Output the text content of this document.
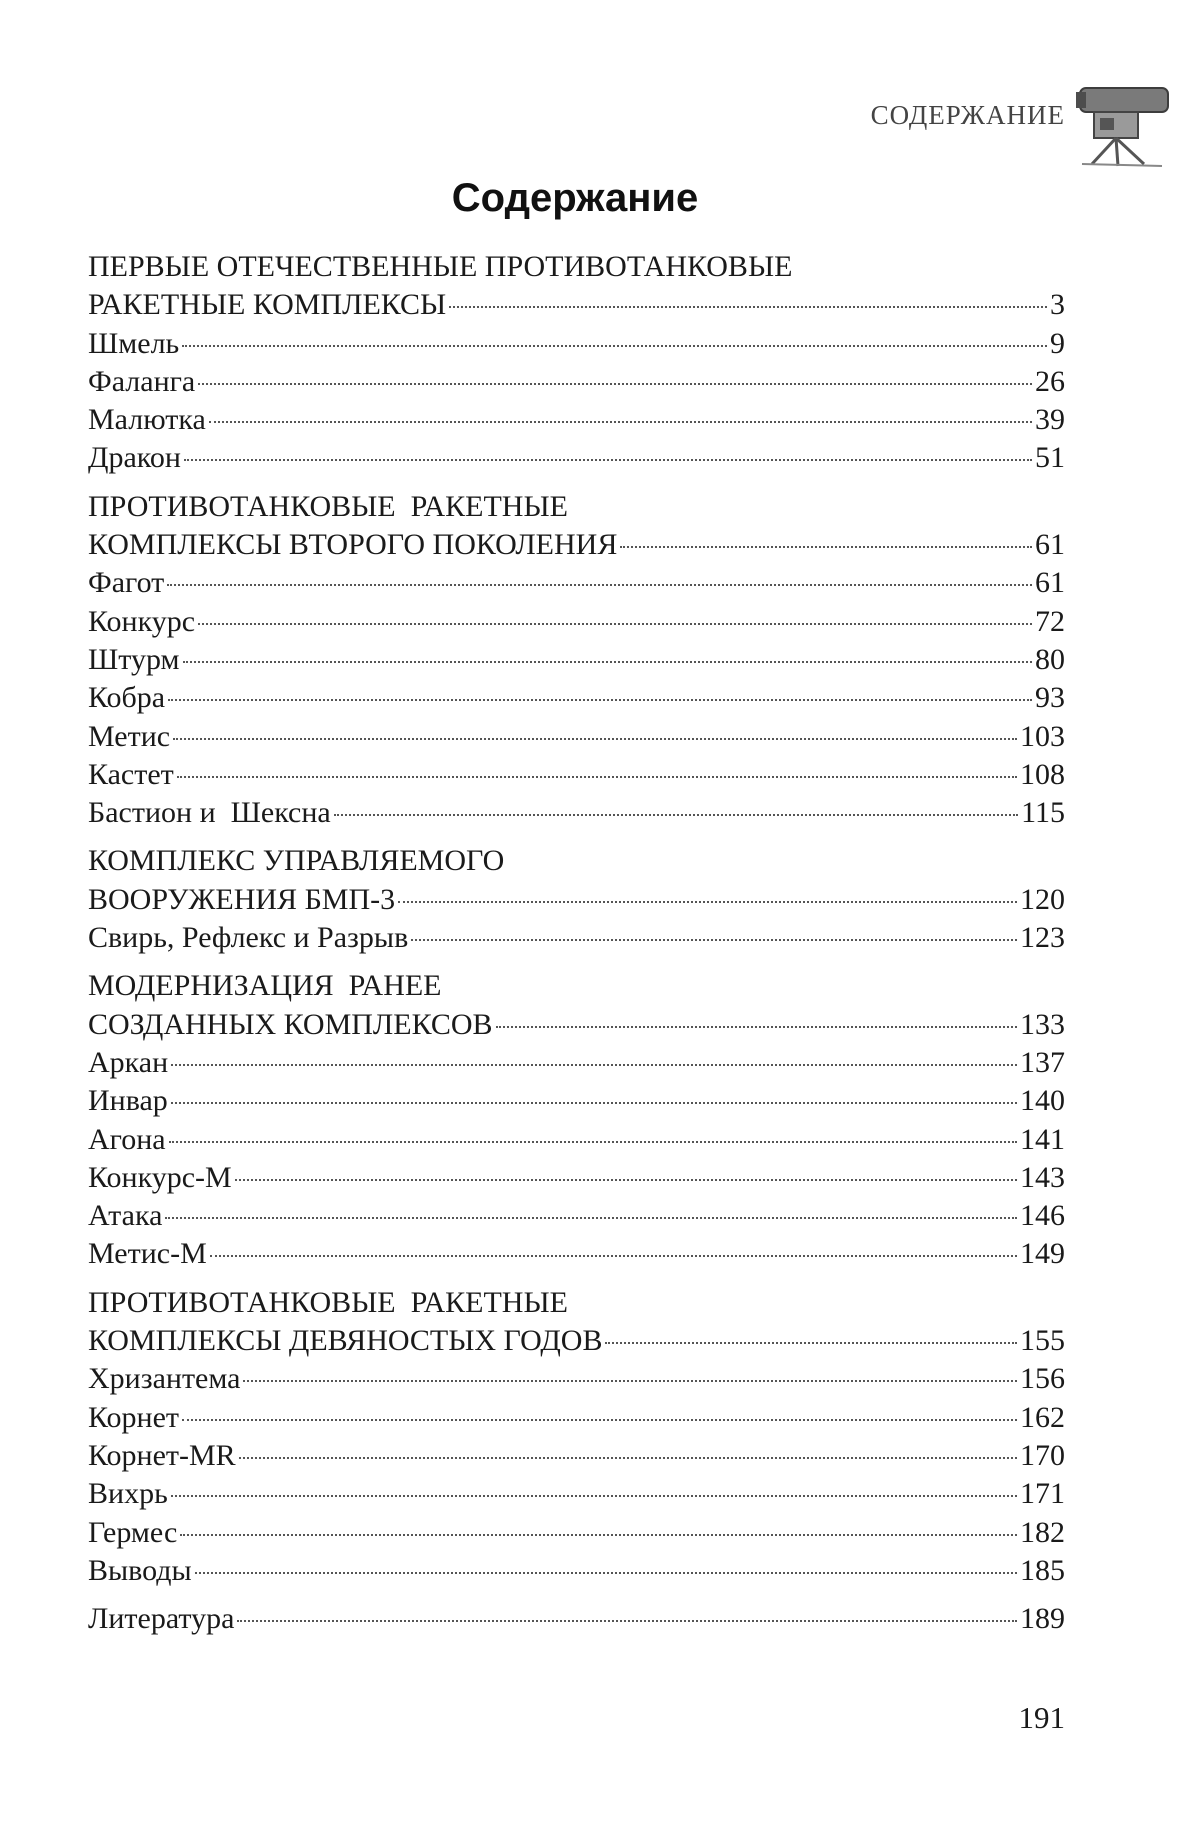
СОДЕРЖАНИЕ
Содержание
ПЕРВЫЕ ОТЕЧЕСТВЕННЫЕ ПРОТИВОТАНКОВЫЕ
РАКЕТНЫЕ КОМПЛЕКСЫ	3
Шмель	9
Фаланга	26
Малютка	39
Дракон	51
ПРОТИВОТАНКОВЫЕ  РАКЕТНЫЕ
КОМПЛЕКСЫ ВТОРОГО ПОКОЛЕНИЯ	61
Фагот	61
Конкурс	72
Штурм	80
Кобра	93
Метис	103
Кастет	108
Бастион и  Шексна	115
КОМПЛЕКС УПРАВЛЯЕМОГО
ВООРУЖЕНИЯ БМП-3	120
Свирь, Рефлекс и Разрыв	123
МОДЕРНИЗАЦИЯ  РАНЕЕ
СОЗДАННЫХ КОМПЛЕКСОВ	133
Аркан	137
Инвар	140
Агона	141
Конкурс-М	143
Атака	146
Метис-М	149
ПРОТИВОТАНКОВЫЕ  РАКЕТНЫЕ
КОМПЛЕКСЫ ДЕВЯНОСТЫХ ГОДОВ	155
Хризантема	156
Корнет	162
Корнет-MR	170
Вихрь	171
Гермес	182
Выводы	185
Литература	189
191
